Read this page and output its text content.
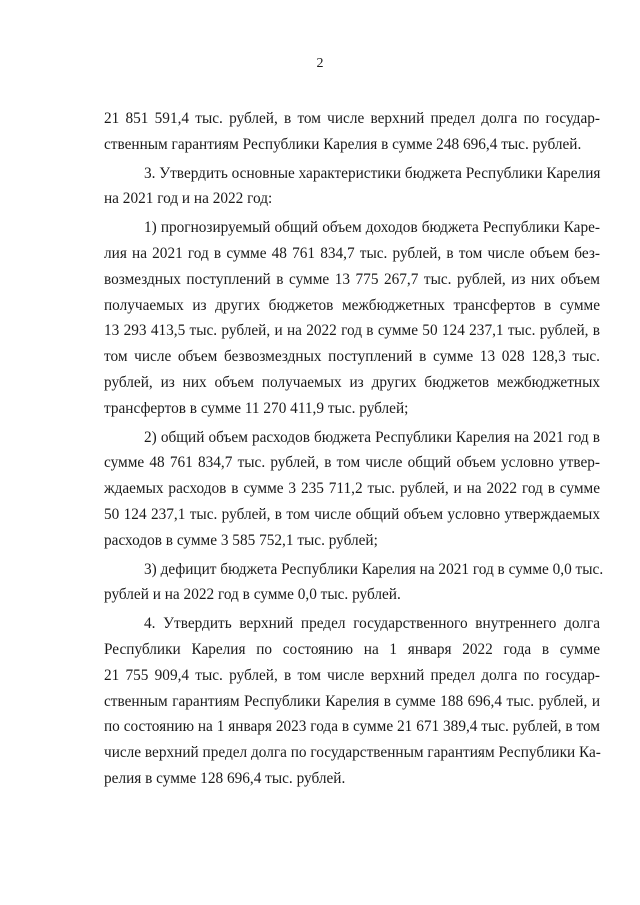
2
21 851 591,4 тыс. рублей, в том числе верхний предел долга по государ-
ственным гарантиям Республики Карелия в сумме 248 696,4 тыс. рублей.
3. Утвердить основные характеристики бюджета Республики Карелия
на 2021 год и на 2022 год:
1) прогнозируемый общий объем доходов бюджета Республики Каре-
лия на 2021 год в сумме 48 761 834,7 тыс. рублей, в том числе объем без-
возмездных поступлений в сумме 13 775 267,7 тыс. рублей, из них объем
получаемых из других бюджетов межбюджетных трансфертов в сумме
13 293 413,5 тыс. рублей, и на 2022 год в сумме 50 124 237,1 тыс. рублей, в
том числе объем безвозмездных поступлений в сумме 13 028 128,3 тыс.
рублей, из них объем получаемых из других бюджетов межбюджетных
трансфертов в сумме 11 270 411,9 тыс. рублей;
2) общий объем расходов бюджета Республики Карелия на 2021 год в
сумме 48 761 834,7 тыс. рублей, в том числе общий объем условно утвер-
ждаемых расходов в сумме 3 235 711,2 тыс. рублей, и на 2022 год в сумме
50 124 237,1 тыс. рублей, в том числе общий объем условно утверждаемых
расходов в сумме 3 585 752,1 тыс. рублей;
3) дефицит бюджета Республики Карелия на 2021 год в сумме 0,0 тыс.
рублей и на 2022 год в сумме 0,0 тыс. рублей.
4. Утвердить верхний предел государственного внутреннего долга
Республики Карелия по состоянию на 1 января 2022 года в сумме
21 755 909,4 тыс. рублей, в том числе верхний предел долга по государ-
ственным гарантиям Республики Карелия в сумме 188 696,4 тыс. рублей, и
по состоянию на 1 января 2023 года в сумме 21 671 389,4 тыс. рублей, в том
числе верхний предел долга по государственным гарантиям Республики Ка-
релия в сумме 128 696,4 тыс. рублей.
